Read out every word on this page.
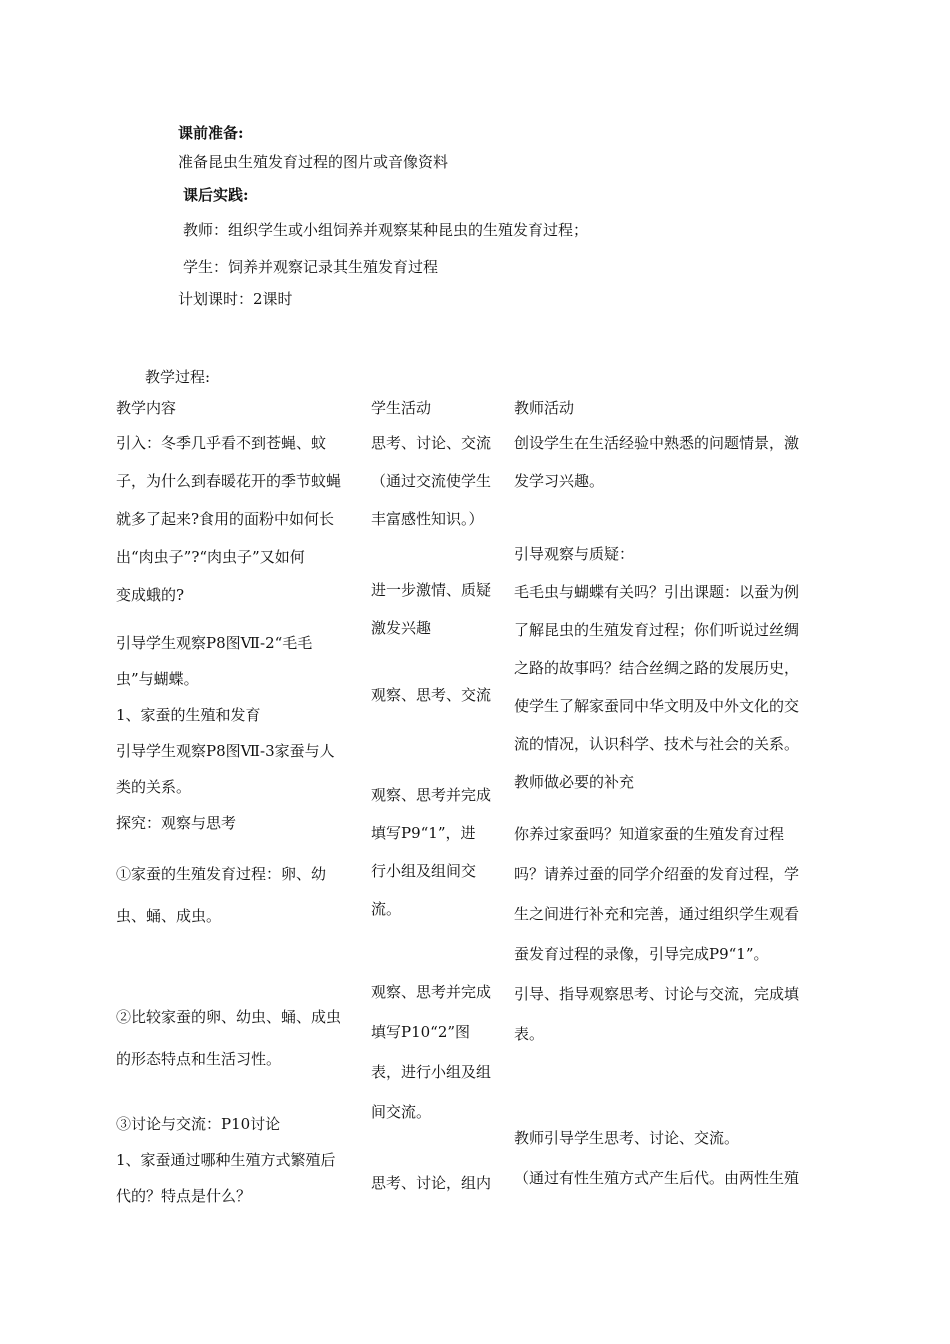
课前准备:
准备昆虫生殖发育过程的图片或音像资料
课后实践:
教师：组织学生或小组饲养并观察某种昆虫的生殖发育过程；
学生：饲养并观察记录其生殖发育过程
计划课时：2课时
教学过程:
教学内容	学生活动	教师活动
引入：冬季几乎看不到苍蝇、蚊
子，为什么到春暖花开的季节蚊蝇
就多了起来?食用的面粉中如何长
出“肉虫子”?“肉虫子”又如何
变成蛾的?
引导学生观察P8图Ⅶ-2“毛毛
虫”与蝴蝶。
1、家蚕的生殖和发育
引导学生观察P8图Ⅶ-3家蚕与人
类的关系。
探究：观察与思考
①家蚕的生殖发育过程：卵、幼
虫、蛹、成虫。
②比较家蚕的卵、幼虫、蛹、成虫
的形态特点和生活习性。
③讨论与交流：P10讨论
1、家蚕通过哪种生殖方式繁殖后
代的？特点是什么？
思考、讨论、交流
（通过交流使学生
丰富感性知识。）
进一步激情、质疑
激发兴趣
观察、思考、交流
观察、思考并完成
填写P9“1”，进
行小组及组间交
流。
观察、思考并完成
填写P10“2”图
表，进行小组及组
间交流。
思考、讨论，组内
创设学生在生活经验中熟悉的问题情景，激
发学习兴趣。
引导观察与质疑：
毛毛虫与蝴蝶有关吗？引出课题：以蚕为例
了解昆虫的生殖发育过程；你们听说过丝绸
之路的故事吗？结合丝绸之路的发展历史，
使学生了解家蚕同中华文明及中外文化的交
流的情况，认识科学、技术与社会的关系。
教师做必要的补充
你养过家蚕吗？知道家蚕的生殖发育过程
吗？请养过蚕的同学介绍蚕的发育过程，学
生之间进行补充和完善，通过组织学生观看
蚕发育过程的录像，引导完成P9“1”。
引导、指导观察思考、讨论与交流，完成填
表。
教师引导学生思考、讨论、交流。
（通过有性生殖方式产生后代。由两性生殖
